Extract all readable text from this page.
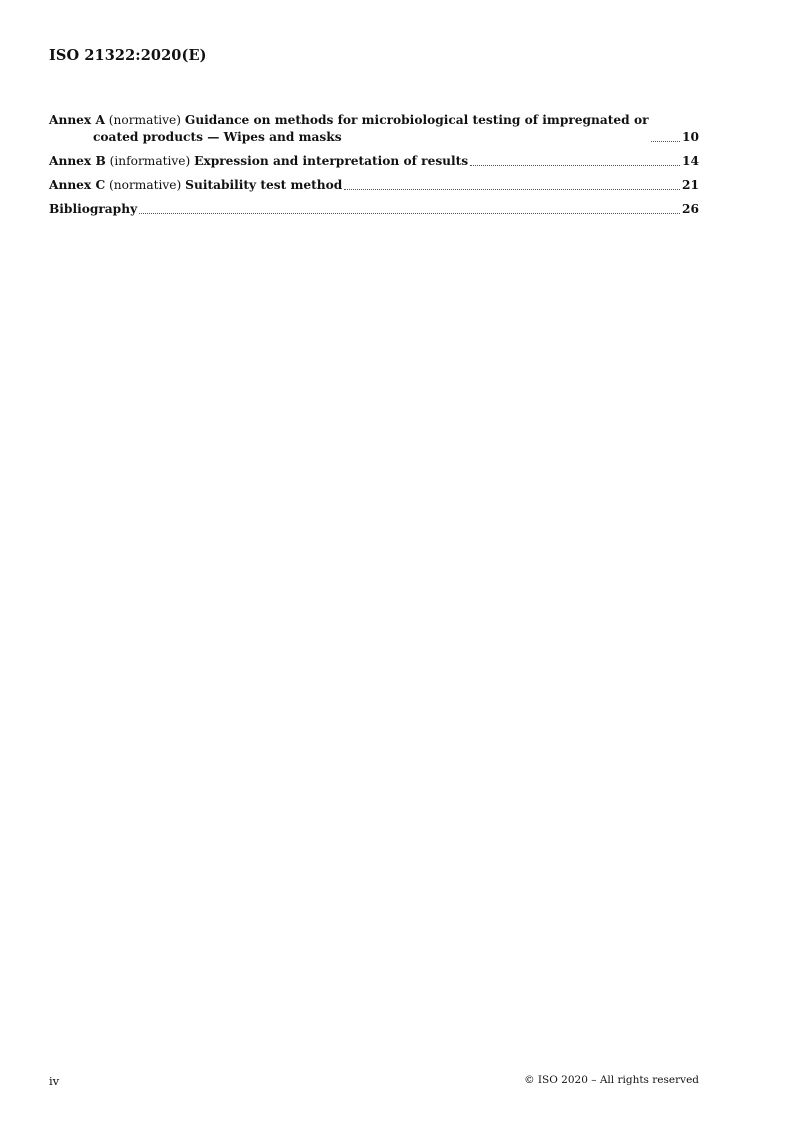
ISO 21322:2020(E)
Annex A (normative) Guidance on methods for microbiological testing of impregnated or
coated products — Wipes and masks	10
Annex B (informative) Expression and interpretation of results	14
Annex C (normative) Suitability test method	21
Bibliography	26
iv	© ISO 2020 – All rights reserved
